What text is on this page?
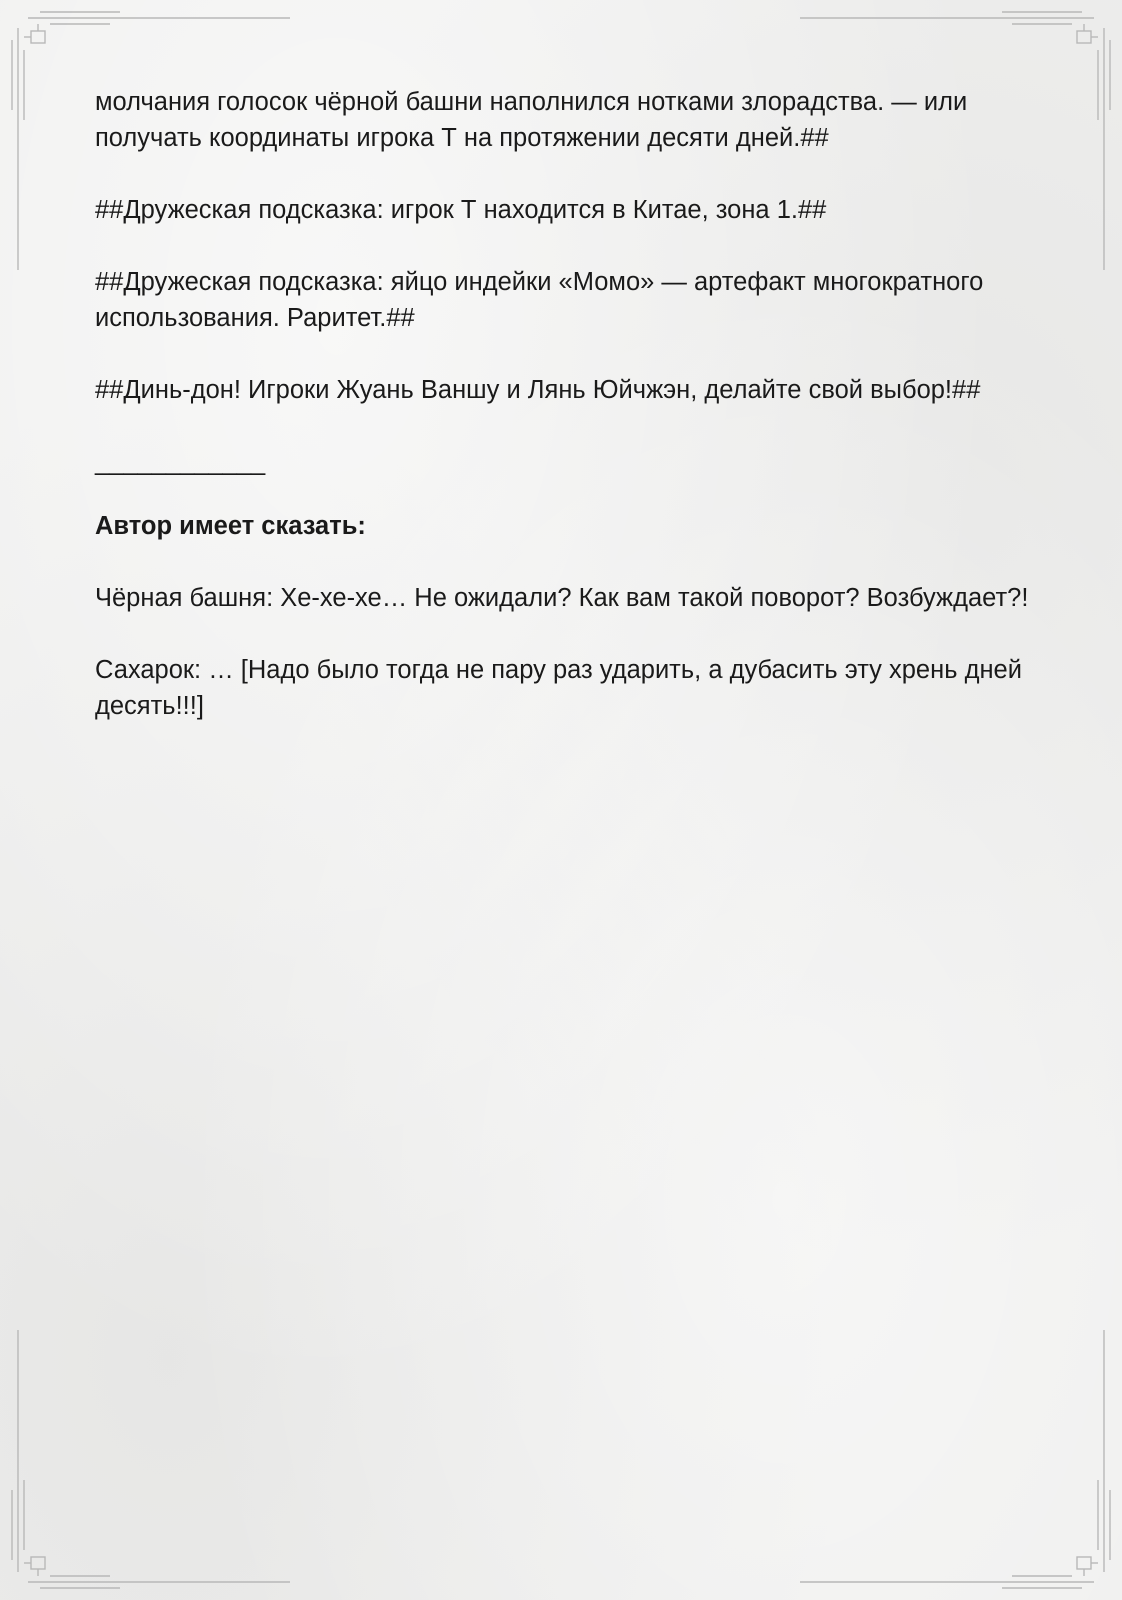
молчания голосок чёрной башни наполнился нотками злорадства. — или получать координаты игрока Т на протяжении десяти дней.##

##Дружеская подсказка: игрок Т находится в Китае, зона 1.##

##Дружеская подсказка: яйцо индейки «Момо» — артефакт многократного использования. Раритет.##

##Динь-дон! Игроки Жуань Ваншу и Лянь Юйчжэн, делайте свой выбор!##

____________

Автор имеет сказать:

Чёрная башня: Хе-хе-хе… Не ожидали? Как вам такой поворот? Возбуждает?!

Сахарок: … [Надо было тогда не пару раз ударить, а дубасить эту хрень дней десять!!!]
